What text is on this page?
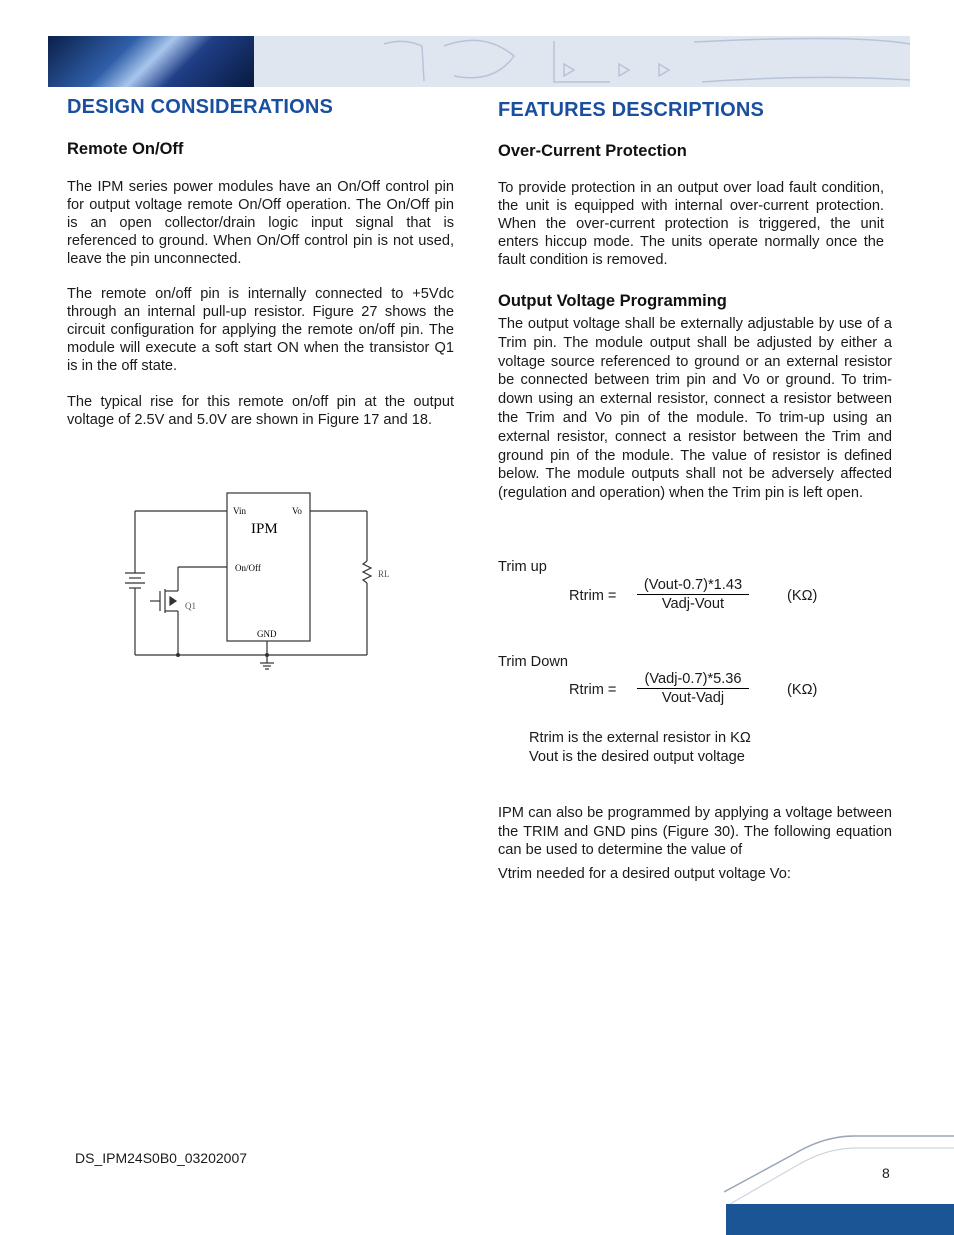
DESIGN CONSIDERATIONS
Remote On/Off

The IPM series power modules have an On/Off control pin for output voltage remote On/Off operation. The On/Off pin is an open collector/drain logic input signal that is referenced to ground. When On/Off control pin is not used, leave the pin unconnected.

The remote on/off pin is internally connected to +5Vdc through an internal pull-up resistor. Figure 27 shows the circuit configuration for applying the remote on/off pin. The module will execute a soft start ON when the transistor Q1 is in the off state.

The typical rise for this remote on/off pin at the output voltage of 2.5V and 5.0V are shown in Figure 17 and 18.

Vin	Vo
IPM
On/Off
GND
RL
Q1
FEATURES DESCRIPTIONS
Over-Current Protection

To provide protection in an output over load fault condition, the unit is equipped with internal over-current protection. When the over-current protection is triggered, the unit enters hiccup mode. The units operate normally once the fault condition is removed.

Output Voltage Programming

The output voltage shall be externally adjustable by use of a Trim pin. The module output shall be adjusted by either a voltage source referenced to ground or an external resistor be connected between trim pin and Vo or ground. To trim-down using an external resistor, connect a resistor between the Trim and Vo pin of the module. To trim-up using an external resistor, connect a resistor between the Trim and ground pin of the module. The value of resistor is defined below. The module outputs shall not be adversely affected (regulation and operation) when the Trim pin is left open.

Trim up

Rtrim =

(Vout-0.7)*1.43
Vadj-Vout	(KΩ)

Trim Down

Rtrim =

(Vadj-0.7)*5.36
Vout-Vadj	(KΩ)

Rtrim is the external resistor in KΩ

Vout is the desired output voltage

IPM can also be programmed by applying a voltage between the TRIM and GND pins (Figure 30). The following equation can be used to determine the value of

Vtrim needed for a desired output voltage Vo:

DS_IPM24S0B0_03202007
8
